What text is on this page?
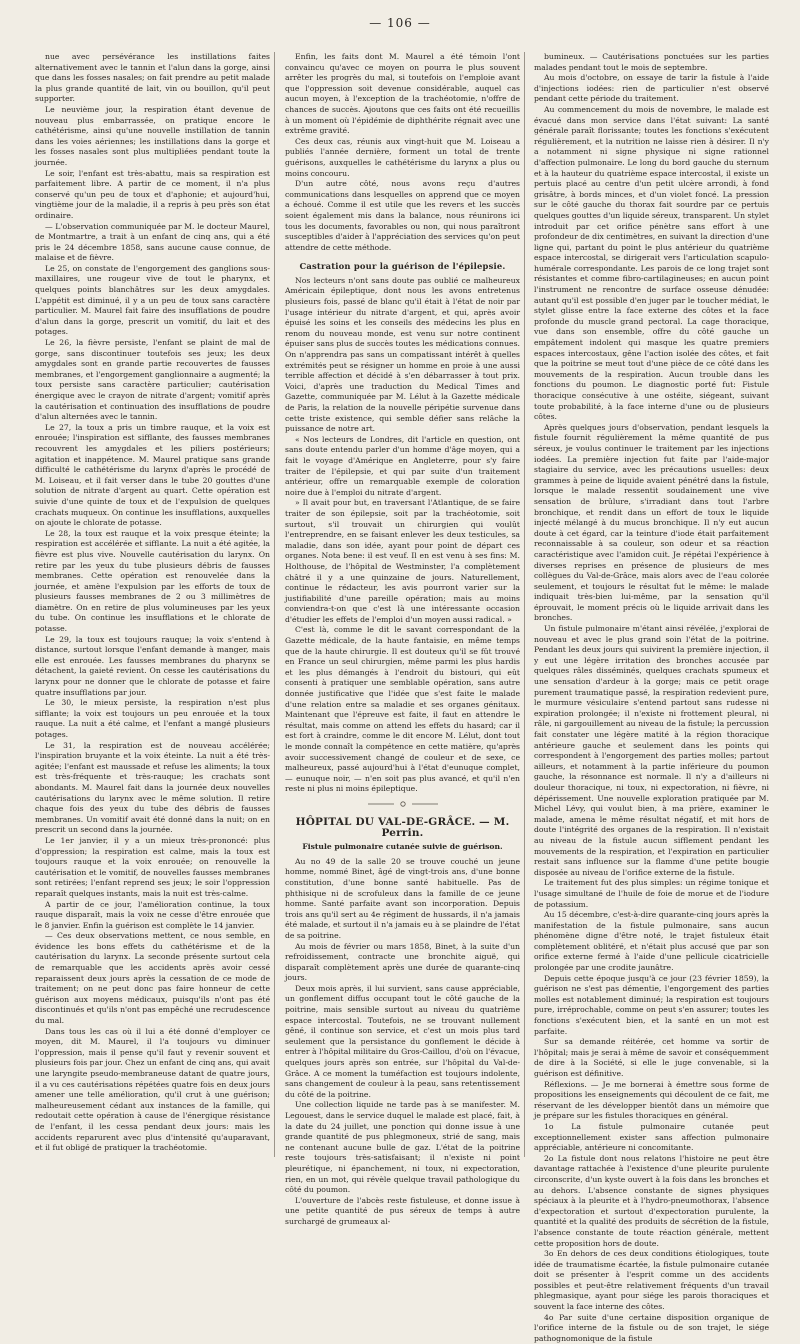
— 106 —

nue avec persévérance les instillations faites alternativement avec le tannin et l'alun dans la gorge, ainsi que dans les fosses nasales; on fait prendre au petit malade la plus grande quantité de lait, vin ou bouillon, qu'il peut supporter.

Le neuvième jour, la respiration étant devenue de nouveau plus embarrassée, on pratique encore le cathétérisme, ainsi qu'une nouvelle instillation de tannin dans les voies aériennes; les instillations dans la gorge et les fosses nasales sont plus multipliées pendant toute la journée.

Le soir, l'enfant est très-abattu, mais sa respiration est parfaitement libre. A partir de ce moment, il n'a plus conservé qu'un peu de toux et d'aphonie; et aujourd'hui, vingtième jour de la maladie, il a repris à peu près son état ordinaire.

— L'observation communiquée par M. le docteur Maurel, de Montmartre, a trait à un enfant de cinq ans, qui a été pris le 24 décembre 1858, sans aucune cause connue, de malaise et de fièvre.

Le 25, on constate de l'engorgement des ganglions sous-maxillaires, une rougeur vive de tout le pharynx, et quelques points blanchâtres sur les deux amygdales. L'appétit est diminué, il y a un peu de toux sans caractère particulier. M. Maurel fait faire des insufflations de poudre d'alun dans la gorge, prescrit un vomitif, du lait et des potages.

Le 26, la fièvre persiste, l'enfant se plaint de mal de gorge, sans discontinuer toutefois ses jeux; les deux amygdales sont en grande partie recouvertes de fausses membranes, et l'engorgement ganglionnaire a augmenté; la toux persiste sans caractère particulier; cautérisation énergique avec le crayon de nitrate d'argent; vomitif après la cautérisation et continuation des insufflations de poudre d'alun alternées avec le tannin.

Le 27, la toux a pris un timbre rauque, et la voix est enrouée; l'inspiration est sifflante, des fausses membranes recouvrent les amygdales et les piliers postérieurs; agitation et inappétence. M. Maurel pratique sans grande difficulté le cathétérisme du larynx d'après le procédé de M. Loiseau, et il fait verser dans le tube 20 gouttes d'une solution de nitrate d'argent au quart. Cette opération est suivie d'une quinte de toux et de l'expulsion de quelques crachats muqueux. On continue les insufflations, auxquelles on ajoute le chlorate de potasse.

Le 28, la toux est rauque et la voix presque éteinte; la respiration est accélérée et sifflante. La nuit a été agitée, la fièvre est plus vive. Nouvelle cautérisation du larynx. On retire par les yeux du tube plusieurs débris de fausses membranes. Cette opération est renouvelée dans la journée, et amène l'expulsion par les efforts de toux de plusieurs fausses membranes de 2 ou 3 millimètres de diamètre. On en retire de plus volumineuses par les yeux du tube. On continue les insufflations et le chlorate de potasse.

Le 29, la toux est toujours rauque; la voix s'entend à distance, surtout lorsque l'enfant demande à manger, mais elle est enrouée. Les fausses membranes du pharynx se détachent, la gaieté revient. On cesse les cautérisations du larynx pour ne donner que le chlorate de potasse et faire quatre insufflations par jour.

Le 30, le mieux persiste, la respiration n'est plus sifflante; la voix est toujours un peu enrouée et la toux rauque. La nuit a été calme, et l'enfant a mangé plusieurs potages.

Le 31, la respiration est de nouveau accélérée; l'inspiration bruyante et la voix éteinte. La nuit a été très-agitée; l'enfant est maussade et refuse les aliments; la toux est très-fréquente et très-rauque; les crachats sont abondants. M. Maurel fait dans la journée deux nouvelles cautérisations du larynx avec le même solution. Il retire chaque fois des yeux du tube des débris de fausses membranes. Un vomitif avait été donné dans la nuit; on en prescrit un second dans la journée.

Le 1er janvier, il y a un mieux très-prononcé: plus d'oppression; la respiration est calme, mais la toux est toujours rauque et la voix enrouée; on renouvelle la cautérisation et le vomitif, de nouvelles fausses membranes sont retirées; l'enfant reprend ses jeux; le soir l'oppression reparaît quelques instants, mais la nuit est très-calme.

A partir de ce jour, l'amélioration continue, la toux rauque disparaît, mais la voix ne cesse d'être enrouée que le 8 janvier. Enfin la guérison est complète le 14 janvier.

— Ces deux observations mettent, ce nous semble, en évidence les bons effets du cathétérisme et de la cautérisation du larynx. La seconde présente surtout cela de remarquable que les accidents après avoir cessé reparaissent deux jours après la cessation de ce mode de traitement; on ne peut donc pas faire honneur de cette guérison aux moyens médicaux, puisqu'ils n'ont pas été discontinués et qu'ils n'ont pas empêché une recrudescence du mal.

Dans tous les cas où il lui a été donné d'employer ce moyen, dit M. Maurel, il l'a toujours vu diminuer l'oppression, mais il pense qu'il faut y revenir souvent et plusieurs fois par jour. Chez un enfant de cinq ans, qui avait une laryngite pseudo-membraneuse datant de quatre jours, il a vu ces cautérisations répétées quatre fois en deux jours amener une telle amélioration, qu'il crut à une guérison; malheureusement cédant aux instances de la famille, qui redoutait cette opération à cause de l'énergique résistance de l'enfant, il les cessa pendant deux jours: mais les accidents reparurent avec plus d'intensité qu'auparavant, et il fut obligé de pratiquer la trachéotomie.

Enfin, les faits dont M. Maurel a été témoin l'ont convaincu qu'avec ce moyen on pourra le plus souvent arrêter les progrès du mal, si toutefois on l'emploie avant que l'oppression soit devenue considérable, auquel cas aucun moyen, à l'exception de la trachéotomie, n'offre de chances de succès. Ajoutons que ces faits ont été recueillis à un moment où l'épidémie de diphthérite régnait avec une extrême gravité.

Ces deux cas, réunis aux vingt-huit que M. Loiseau a publiés l'année dernière, forment un total de trente guérisons, auxquelles le cathétérisme du larynx a plus ou moins concouru.

D'un autre côté, nous avons reçu d'autres communications dans lesquelles on apprend que ce moyen a échoué. Comme il est utile que les revers et les succès soient également mis dans la balance, nous réunirons ici tous les documents, favorables ou non, qui nous paraîtront susceptibles d'aider à l'appréciation des services qu'on peut attendre de cette méthode.

Castration pour la guérison de l'épilepsie.

Nos lecteurs n'ont sans doute pas oublié ce malheureux Américain épileptique, dont nous les avons entretenus plusieurs fois, passé de blanc qu'il était à l'état de noir par l'usage intérieur du nitrate d'argent, et qui, après avoir épuisé les soins et les conseils des médecins les plus en renom du nouveau monde, est venu sur notre continent épuiser sans plus de succès toutes les médications connues. On n'apprendra pas sans un compatissant intérêt à quelles extrémités peut se résigner un homme en proie à une aussi terrible affection et décidé à s'en débarrasser à tout prix. Voici, d'après une traduction du Medical Times and Gazette, communiquée par M. Lélut à la Gazette médicale de Paris, la relation de la nouvelle péripétie survenue dans cette triste existence, qui semble défier sans relâche la puissance de notre art.

« Nos lecteurs de Londres, dit l'article en question, ont sans doute entendu parler d'un homme d'âge moyen, qui a fait le voyage d'Amérique en Angleterre, pour s'y faire traiter de l'épilepsie, et qui par suite d'un traitement antérieur, offre un remarquable exemple de coloration noire due à l'emploi du nitrate d'argent.

» Il avait pour but, en traversant l'Atlantique, de se faire traiter de son épilepsie, soit par la trachéotomie, soit surtout, s'il trouvait un chirurgien qui voulût l'entreprendre, en se faisant enlever les deux testicules, sa maladie, dans son idée, ayant pour point de départ ces organes. Nota bene: il est veuf. Il en est venu à ses fins: M. Holthouse, de l'hôpital de Westminster, l'a complètement châtré il y a une quinzaine de jours. Naturellement, continue le rédacteur, les avis pourront varier sur la justifiabilité d'une pareille opération; mais au moins conviendra-t-on que c'est là une intéressante occasion d'étudier les effets de l'emploi d'un moyen aussi radical. »

C'est là, comme le dit le savant correspondant de la Gazette médicale, de la haute fantaisie, en même temps que de la haute chirurgie. Il est douteux qu'il se fût trouvé en France un seul chirurgien, même parmi les plus hardis et les plus démangés à l'endroit du bistouri, qui eût consenti à pratiquer une semblable opération, sans autre donnée justificative que l'idée que s'est faite le malade d'une relation entre sa maladie et ses organes génitaux. Maintenant que l'épreuve est faite, il faut en attendre le résultat, mais comme on attend les effets du hasard; car il est fort à craindre, comme le dit encore M. Lélut, dont tout le monde connaît la compétence en cette matière, qu'après avoir successivement changé de couleur et de sexe, ce malheureux, passé aujourd'hui à l'état d'eunuque complet, — eunuque noir, — n'en soit pas plus avancé, et qu'il n'en reste ni plus ni moins épileptique.

HÔPITAL DU VAL-DE-GRÂCE. — M. Perrin.
Fistule pulmonaire cutanée suivie de guérison.

Au no 49 de la salle 20 se trouve couché un jeune homme, nommé Binet, âgé de vingt-trois ans, d'une bonne constitution, d'une bonne santé habituelle. Pas de phthisique ni de scrofuleux dans la famille de ce jeune homme. Santé parfaite avant son incorporation. Depuis trois ans qu'il sert au 4e régiment de hussards, il n'a jamais été malade, et surtout il n'a jamais eu à se plaindre de l'état de sa poitrine.

Au mois de février ou mars 1858, Binet, à la suite d'un refroidissement, contracte une bronchite aiguë, qui disparaît complètement après une durée de quarante-cinq jours.

Deux mois après, il lui survient, sans cause appréciable, un gonflement diffus occupant tout le côté gauche de la poitrine, mais sensible surtout au niveau du quatrième espace intercostal. Toutefois, ne se trouvant nullement gêné, il continue son service, et c'est un mois plus tard seulement que la persistance du gonflement le décide à entrer à l'hôpital militaire du Gros-Caillou, d'où on l'évacue, quelques jours après son entrée, sur l'hôpital du Val-de-Grâce. A ce moment la tuméfaction est toujours indolente, sans changement de couleur à la peau, sans retentissement du côté de la poitrine.

Une collection liquide ne tarde pas à se manifester. M. Legouest, dans le service duquel le malade est placé, fait, à la date du 24 juillet, une ponction qui donne issue à une grande quantité de pus phlegmoneux, strié de sang, mais ne contenant aucune bulle de gaz. L'état de la poitrine reste toujours très-satisfaisant; il n'existe ni point pleurétique, ni épanchement, ni toux, ni expectoration, rien, en un mot, qui révèle quelque travail pathologique du côté du poumon.

L'ouverture de l'abcès reste fistuleuse, et donne issue à une petite quantité de pus séreux de temps à autre surchargé de grumeaux al-

bumineux. — Cautérisations ponctuées sur les parties malades pendant tout le mois de septembre.

Au mois d'octobre, on essaye de tarir la fistule à l'aide d'injections iodées: rien de particulier n'est observé pendant cette période du traitement.

Au commencement du mois de novembre, le malade est évacué dans mon service dans l'état suivant: La santé générale paraît florissante; toutes les fonctions s'exécutent régulièrement, et la nutrition ne laisse rien à désirer. Il n'y a notamment ni signe physique ni signe rationnel d'affection pulmonaire. Le long du bord gauche du sternum et à la hauteur du quatrième espace intercostal, il existe un pertuis placé au centre d'un petit ulcère arrondi, à fond grisâtre, à bords minces, et d'un violet foncé. La pression sur le côté gauche du thorax fait sourdre par ce pertuis quelques gouttes d'un liquide séreux, transparent. Un stylet introduit par cet orifice pénètre sans effort à une profondeur de dix centimètres, en suivant la direction d'une ligne qui, partant du point le plus antérieur du quatrième espace intercostal, se dirigerait vers l'articulation scapulo-humérale correspondante. Les parois de ce long trajet sont résistantes et comme fibro-cartilagineuses; en aucun point l'instrument ne rencontre de surface osseuse dénudée: autant qu'il est possible d'en juger par le toucher médiat, le stylet glisse entre la face externe des côtes et la face profonde du muscle grand pectoral. La cage thoracique, vue dans son ensemble, offre du côté gauche un empâtement indolent qui masque les quatre premiers espaces intercostaux, gêne l'action isolée des côtes, et fait que la poitrine se meut tout d'une pièce de ce côté dans les mouvements de la respiration. Aucun trouble dans les fonctions du poumon. Le diagnostic porté fut: Fistule thoracique consécutive à une ostéite, siégeant, suivant toute probabilité, à la face interne d'une ou de plusieurs côtes.

Après quelques jours d'observation, pendant lesquels la fistule fournit régulièrement la même quantité de pus séreux, je voulus continuer le traitement par les injections iodées. La première injection fut faite par l'aide-major stagiaire du service, avec les précautions usuelles: deux grammes à peine de liquide avaient pénétré dans la fistule, lorsque le malade ressentit soudainement une vive sensation de brûlure, s'irradiant dans tout l'arbre bronchique, et rendit dans un effort de toux le liquide injecté mélangé à du mucus bronchique. Il n'y eut aucun doute à cet égard, car la teinture d'iode était parfaitement reconnaissable à sa couleur, son odeur et sa réaction caractéristique avec l'amidon cuit. Je répétai l'expérience à diverses reprises en présence de plusieurs de mes collègues du Val-de-Grâce, mais alors avec de l'eau colorée seulement, et toujours le résultat fut le même: le malade indiquait très-bien lui-même, par la sensation qu'il éprouvait, le moment précis où le liquide arrivait dans les bronches.

Un fistule pulmonaire m'étant ainsi révélée, j'explorai de nouveau et avec le plus grand soin l'état de la poitrine. Pendant les deux jours qui suivirent la première injection, il y eut une légère irritation des bronches accusée par quelques râles disséminés, quelques crachats spumeux et une sensation d'ardeur à la gorge; mais ce petit orage purement traumatique passé, la respiration redevient pure, le murmure vésiculaire s'entend partout sans rudesse ni expiration prolongée; il n'existe ni frottement pleural, ni râle, ni gargouillement au niveau de la fistule; la percussion fait constater une légère matité à la région thoracique antérieure gauche et seulement dans les points qui correspondent à l'engorgement des parties molles; partout ailleurs, et notamment à la partie inférieure du poumon gauche, la résonnance est normale. Il n'y a d'ailleurs ni douleur thoracique, ni toux, ni expectoration, ni fièvre, ni dépérissement. Une nouvelle exploration pratiquée par M. Michel Lévy, qui voulut bien, à ma prière, examiner le malade, amena le même résultat négatif, et mit hors de doute l'intégrité des organes de la respiration. Il n'existait au niveau de la fistule aucun sifflement pendant les mouvements de la respiration, et l'expiration en particulier restait sans influence sur la flamme d'une petite bougie disposée au niveau de l'orifice externe de la fistule.

Le traitement fut des plus simples: un régime tonique et l'usage simultané de l'huile de foie de morue et de l'iodure de potassium.

Au 15 décembre, c'est-à-dire quarante-cinq jours après la manifestation de la fistule pulmonaire, sans aucun phénomène digne d'être noté, le trajet fistuleux était complètement oblitéré, et n'était plus accusé que par son orifice externe fermé à l'aide d'une pellicule cicatricielle prolongée par une crodite jaunâtre.

Depuis cette époque jusqu'à ce jour (23 février 1859), la guérison ne s'est pas démentie, l'engorgement des parties molles est notablement diminué; la respiration est toujours pure, irréprochable, comme on peut s'en assurer; toutes les fonctions s'exécutent bien, et la santé en un mot est parfaite.

Sur sa demande réitérée, cet homme va sortir de l'hôpital; mais je serai à même de savoir et conséquemment de dire à la Société, si elle le juge convenable, si la guérison est définitive.

Réflexions. — Je me bornerai à émettre sous forme de propositions les enseignements qui découlent de ce fait, me réservant de les développer bientôt dans un mémoire que je prépare sur les fistules thoraciques en général.

1o La fistule pulmonaire cutanée peut exceptionnellement exister sans affection pulmonaire appréciable, antérieure ni concomitante.

2o La fistule dont nous relatons l'histoire ne peut être davantage rattachée à l'existence d'une pleurite purulente circonscrite, d'un kyste ouvert à la fois dans les bronches et au dehors. L'absence constante de signes physiques spéciaux à la pleurite et à l'hydro-pneumothorax, l'absence d'expectoration et surtout d'expectoration purulente, la quantité et la qualité des produits de sécrétion de la fistule, l'absence constante de toute réaction générale, mettent cette proposition hors de doute.

3o En dehors de ces deux conditions étiologiques, toute idée de traumatisme écartée, la fistule pulmonaire cutanée doit se présenter à l'esprit comme un des accidents possibles et peut-être relativement fréquents d'un travail phlegmasique, ayant pour siége les parois thoraciques et souvent la face interne des côtes.

4o Par suite d'une certaine disposition organique de l'orifice interne de la fistule ou de son trajet, le siége pathognomonique de la fistule
